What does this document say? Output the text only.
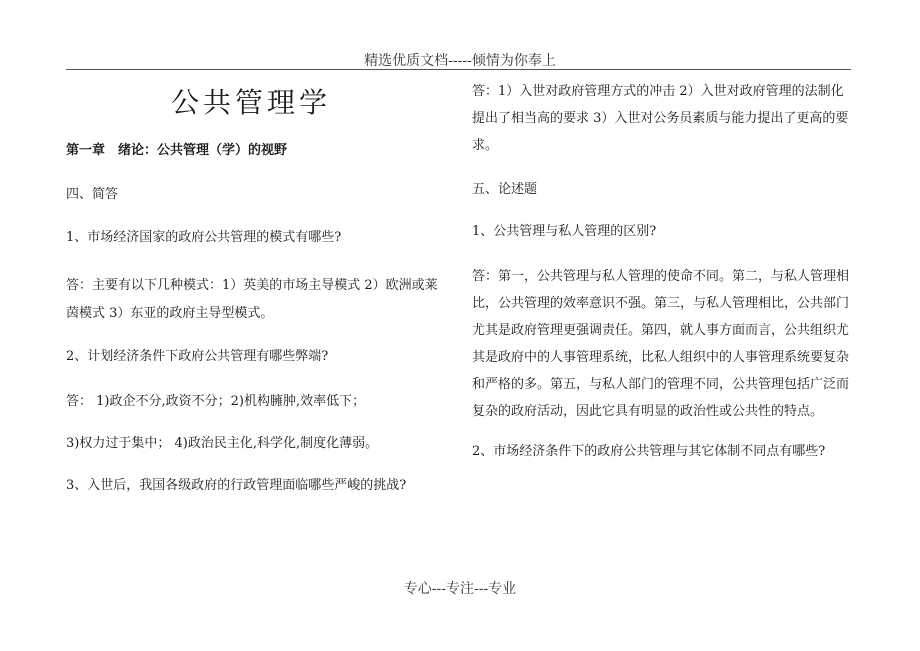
精选优质文档-----倾情为你奉上
公共管理学
第一章　绪论：公共管理（学）的视野

四、简答

1、市场经济国家的政府公共管理的模式有哪些?

答：主要有以下几种模式：1）英美的市场主导模式 2）欧洲或莱茵模式 3）东亚的政府主导型模式。

2、计划经济条件下政府公共管理有哪些弊端?

答： 1)政企不分,政资不分；2)机构臃肿,效率低下；

3)权力过于集中； 4)政治民主化,科学化,制度化薄弱。

3、入世后，我国各级政府的行政管理面临哪些严峻的挑战?

答：1）入世对政府管理方式的冲击 2）入世对政府管理的法制化提出了相当高的要求 3）入世对公务员素质与能力提出了更高的要求。

五、论述题

1、公共管理与私人管理的区别?

答：第一，公共管理与私人管理的使命不同。第二，与私人管理相比，公共管理的效率意识不强。第三，与私人管理相比，公共部门尤其是政府管理更强调责任。第四，就人事方面而言，公共组织尤其是政府中的人事管理系统，比私人组织中的人事管理系统要复杂和严格的多。第五，与私人部门的管理不同，公共管理包括广泛而复杂的政府活动，因此它具有明显的政治性或公共性的特点。

2、市场经济条件下的政府公共管理与其它体制不同点有哪些?

专心---专注---专业
